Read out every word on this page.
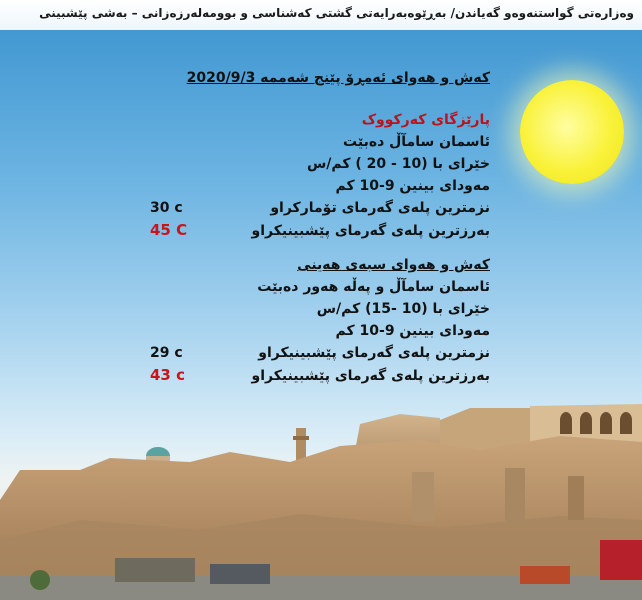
وەزارەتی گواستنەوەو گەیاندن/ بەڕێوەبەرایەتی گشتی کەشناسی و بوومەلەرزەزانی – بەشی پێشبینی
کەش و هەوای ئەمڕۆ پێنج شەممە 2020/9/3
پارێزگای کەرکووک
ئاسمان سامآڵ دەبێت
خێرای با (10 - 20 ) کم/س
مەودای بینین 9-10 کم
نزمترین پلەی گەرمای تۆمارکراو
30 c
بەرزترین پلەی گەرمای پێشبینیکراو
45 C
کەش و هەوای سبەی هەینی
ئاسمان سامآڵ و پەڵە هەور دەبێت
خێرای با (10 -15) کم/س
مەودای بینین 9-10 کم
نزمترین پلەی گەرمای پێشبینیکراو
29 c
بەرزترین پلەی گەرمای پێشبینیکراو
43 c
